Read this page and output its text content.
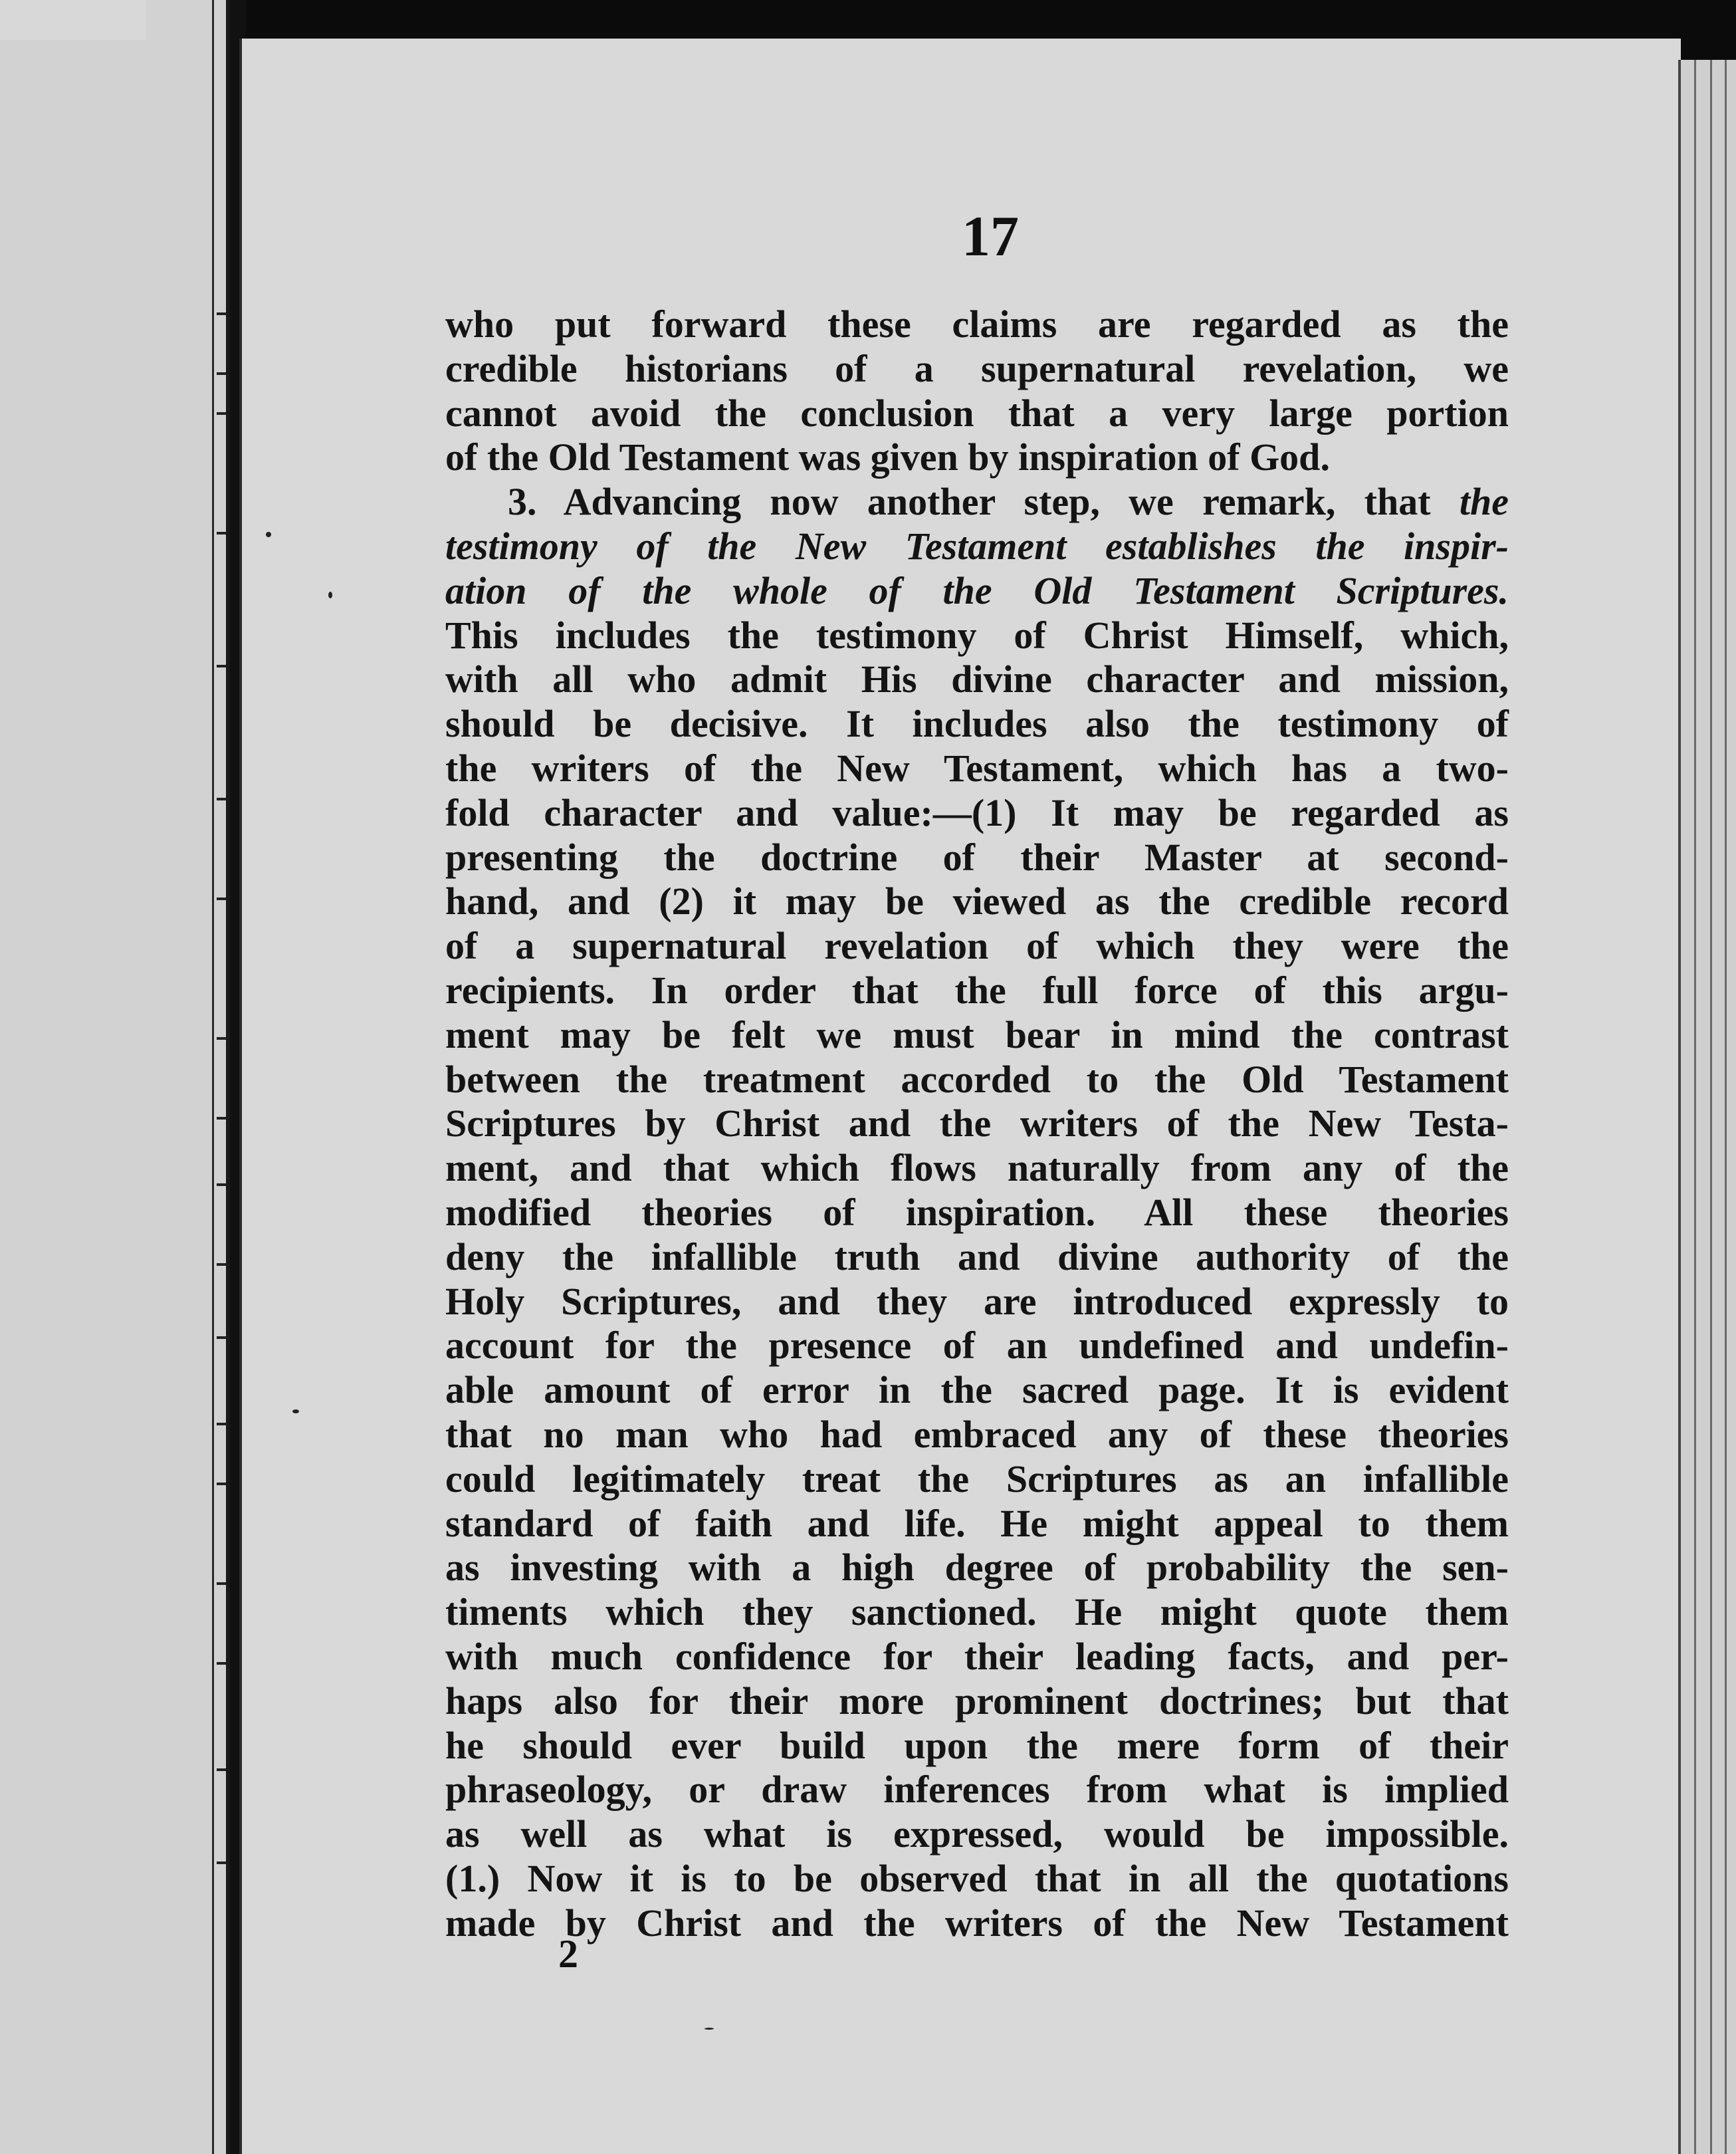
17
who put forward these claims are regarded as the
credible historians of a supernatural revelation, we
cannot avoid the conclusion that a very large portion
of the Old Testament was given by inspiration of God.
3. Advancing now another step, we remark, that the
testimony of the New Testament establishes the inspir-
ation of the whole of the Old Testament Scriptures.
This includes the testimony of Christ Himself, which,
with all who admit His divine character and mission,
should be decisive. It includes also the testimony of
the writers of the New Testament, which has a two-
fold character and value:—(1) It may be regarded as
presenting the doctrine of their Master at second-
hand, and (2) it may be viewed as the credible record
of a supernatural revelation of which they were the
recipients. In order that the full force of this argu-
ment may be felt we must bear in mind the contrast
between the treatment accorded to the Old Testament
Scriptures by Christ and the writers of the New Testa-
ment, and that which flows naturally from any of the
modified theories of inspiration. All these theories
deny the infallible truth and divine authority of the
Holy Scriptures, and they are introduced expressly to
account for the presence of an undefined and undefin-
able amount of error in the sacred page. It is evident
that no man who had embraced any of these theories
could legitimately treat the Scriptures as an infallible
standard of faith and life. He might appeal to them
as investing with a high degree of probability the sen-
timents which they sanctioned. He might quote them
with much confidence for their leading facts, and per-
haps also for their more prominent doctrines; but that
he should ever build upon the mere form of their
phraseology, or draw inferences from what is implied
as well as what is expressed, would be impossible.
(1.) Now it is to be observed that in all the quotations
made by Christ and the writers of the New Testament
2
